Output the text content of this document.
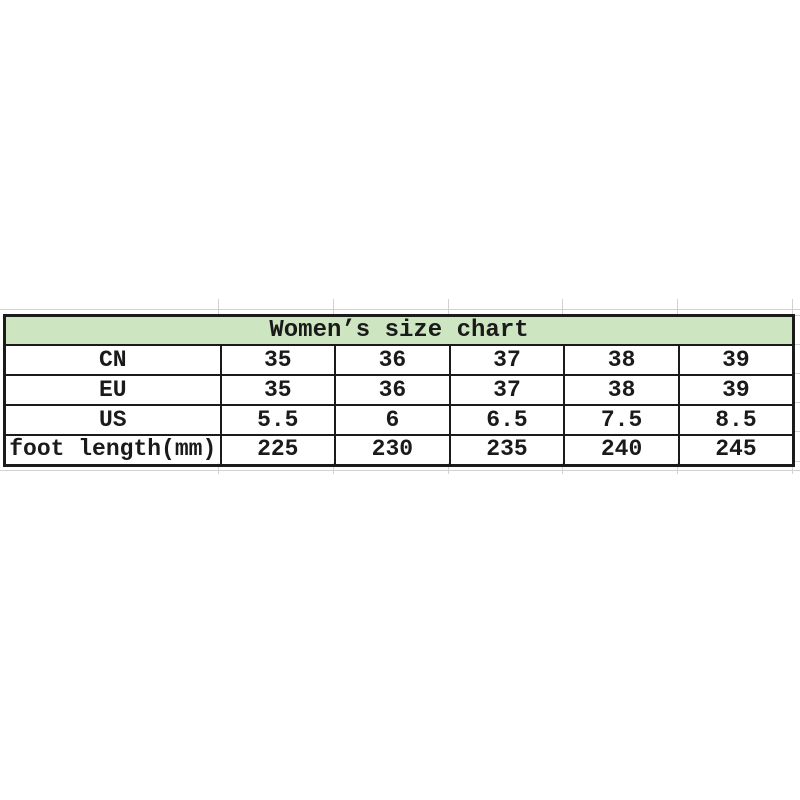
Women’s size chart					
CN	35	36	37	38	39
EU	35	36	37	38	39
US	5.5	6	6.5	7.5	8.5
foot length(mm)	225	230	235	240	245
